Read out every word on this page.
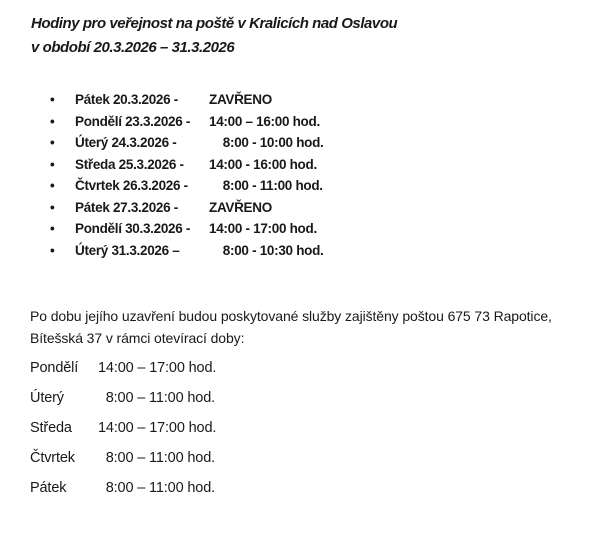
Hodiny pro veřejnost na poště v Kralicích nad Oslavou
v období 20.3.2026 – 31.3.2026
•	Pátek 20.3.2026 -	ZAVŘENO
•	Pondělí 23.3.2026 -	14:00 – 16:00 hod.
•	Úterý 24.3.2026 -	8:00 - 10:00 hod.
•	Středa 25.3.2026 -	14:00 - 16:00 hod.
•	Čtvrtek 26.3.2026 -	8:00 - 11:00 hod.
•	Pátek 27.3.2026 -	ZAVŘENO
•	Pondělí 30.3.2026 -	14:00 - 17:00 hod.
•	Úterý 31.3.2026 –	8:00 - 10:30 hod.
Po dobu jejího uzavření budou poskytované služby zajištěny poštou 675 73 Rapotice,
Bítešská 37 v rámci otevírací doby:
Pondělí	14:00 – 17:00 hod.
Úterý	8:00 – 11:00 hod.
Středa	14:00 – 17:00 hod.
Čtvrtek	8:00 – 11:00 hod.
Pátek	8:00 – 11:00 hod.
